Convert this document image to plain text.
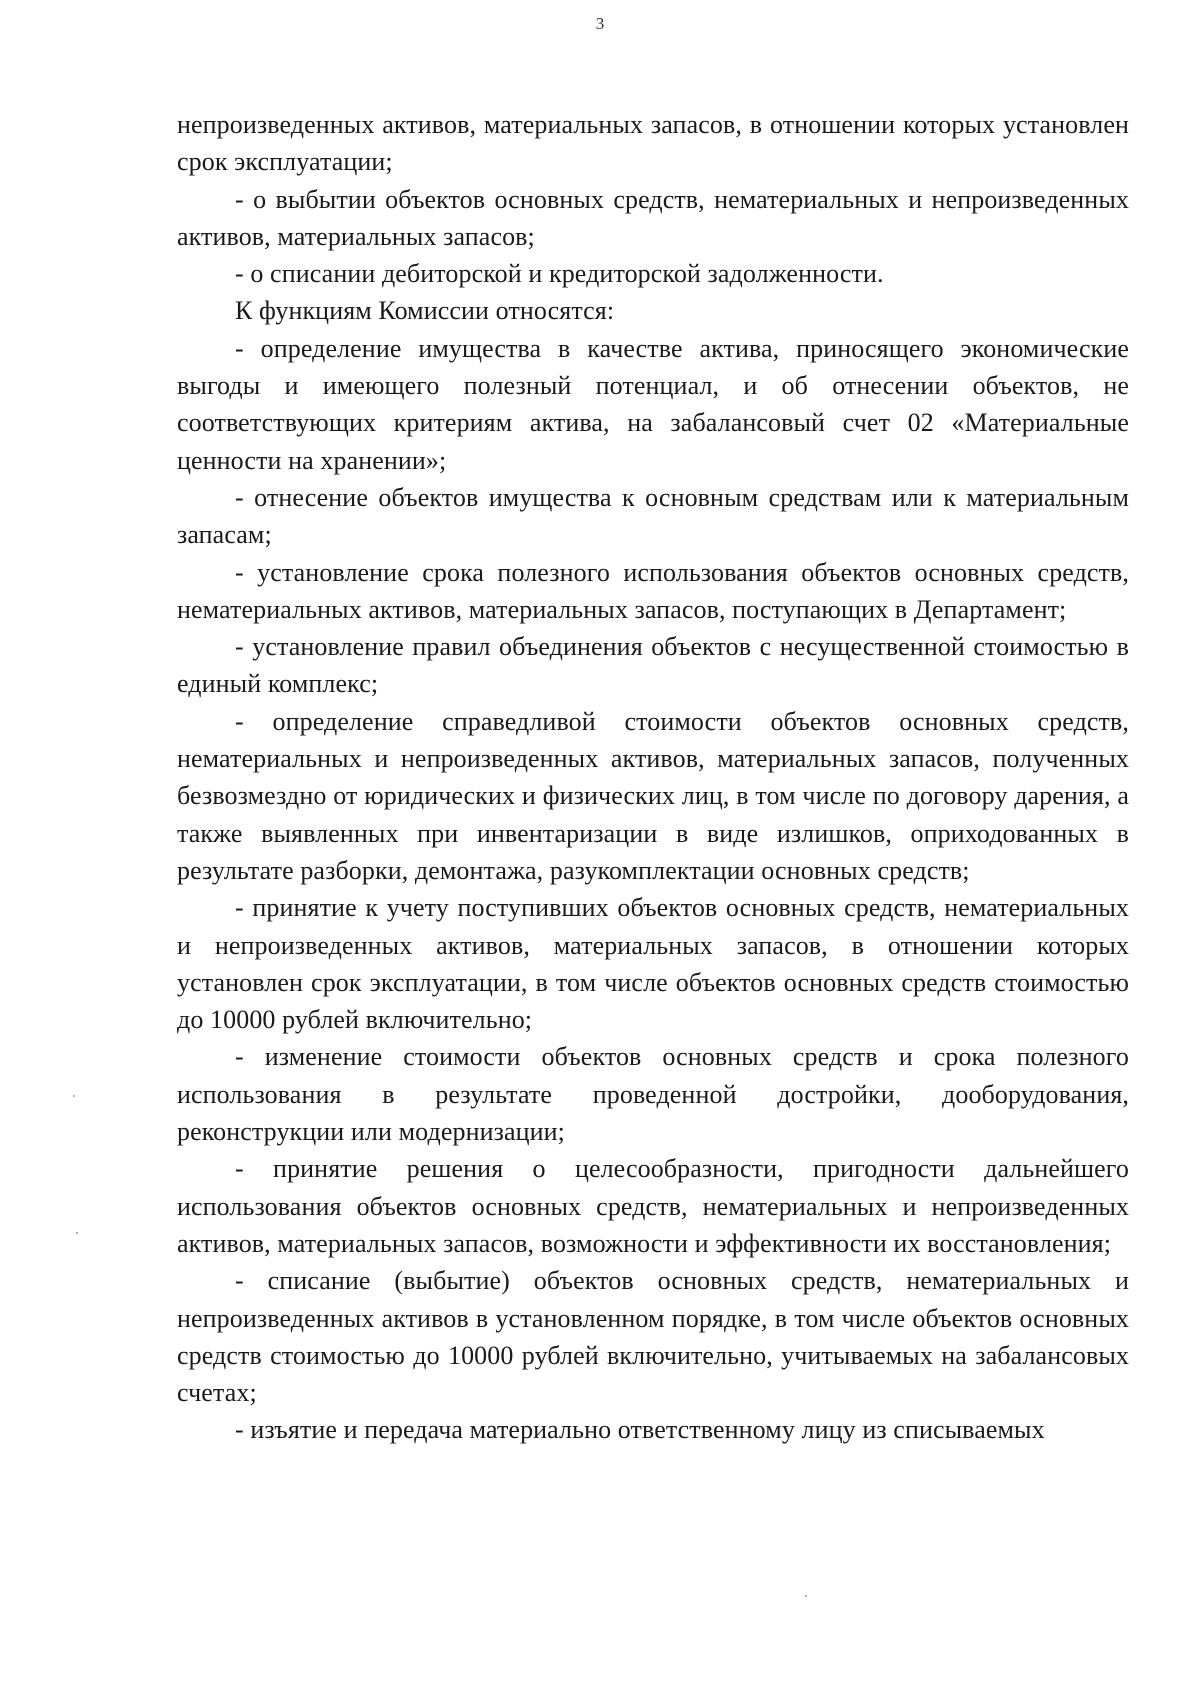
3

непроизведенных активов, материальных запасов, в отношении которых установлен срок эксплуатации;

- о выбытии объектов основных средств, нематериальных и непроизведенных активов, материальных запасов;

- о списании дебиторской и кредиторской задолженности.

К функциям Комиссии относятся:

- определение имущества в качестве актива, приносящего экономические выгоды и имеющего полезный потенциал, и об отнесении объектов, не соответствующих критериям актива, на забалансовый счет 02 «Материальные ценности на хранении»;

- отнесение объектов имущества к основным средствам или к материальным запасам;

- установление срока полезного использования объектов основных средств, нематериальных активов, материальных запасов, поступающих в Департамент;

- установление правил объединения объектов с несущественной стоимостью в единый комплекс;

- определение справедливой стоимости объектов основных средств, нематериальных и непроизведенных активов, материальных запасов, полученных безвозмездно от юридических и физических лиц, в том числе по договору дарения, а также выявленных при инвентаризации в виде излишков, оприходованных в результате разборки, демонтажа, разукомплектации основных средств;

- принятие к учету поступивших объектов основных средств, нематериальных и непроизведенных активов, материальных запасов, в отношении которых установлен срок эксплуатации, в том числе объектов основных средств стоимостью до 10000 рублей включительно;

- изменение стоимости объектов основных средств и срока полезного использования в результате проведенной достройки, дооборудования, реконструкции или модернизации;

- принятие решения о целесообразности, пригодности дальнейшего использования объектов основных средств, нематериальных и непроизведенных активов, материальных запасов, возможности и эффективности их восстановления;

- списание (выбытие) объектов основных средств, нематериальных и непроизведенных активов в установленном порядке, в том числе объектов основных средств стоимостью до 10000 рублей включительно, учитываемых на забалансовых счетах;

- изъятие и передача материально ответственному лицу из списываемых
